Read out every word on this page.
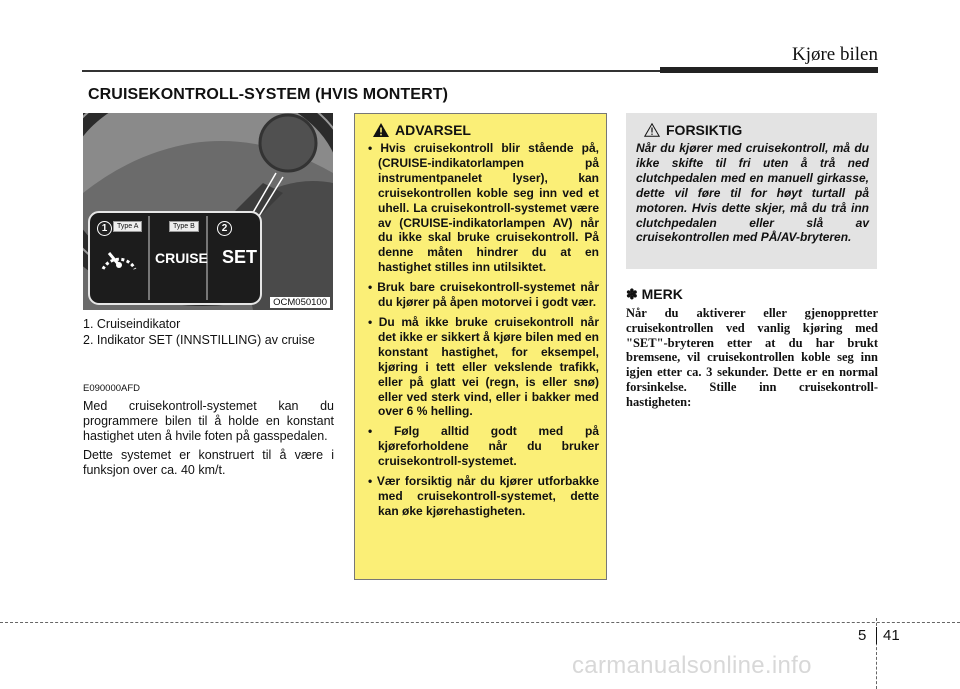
Kjøre bilen
CRUISEKONTROLL-SYSTEM (HVIS MONTERT)
1	Type A	Type B	2
CRUISE SET
OCM050100
1. Cruiseindikator
2. Indikator SET (INNSTILLING) av cruise
E090000AFD

Med cruisekontroll-systemet kan du programmere bilen til å holde en konstant hastighet uten å hvile foten på gasspedalen.

Dette systemet er konstruert til å være i funksjon over ca. 40 km/t.

ADVARSEL
• Hvis cruisekontroll blir stående på, (CRUISE-indikatorlampen på instrumentpanelet lyser), kan cruisekontrollen koble seg inn ved et uhell. La cruisekontroll-systemet være av (CRUISE-indikatorlampen AV) når du ikke skal bruke cruisekontroll. På denne måten hindrer du at en hastighet stilles inn utilsiktet.
• Bruk bare cruisekontroll-systemet når du kjører på åpen motorvei i godt vær.
• Du må ikke bruke cruisekontroll når det ikke er sikkert å kjøre bilen med en konstant hastighet, for eksempel, kjøring i tett eller vekslende trafikk, eller på glatt vei (regn, is eller snø) eller ved sterk vind, eller i bakker med over 6 % helling.
• Følg alltid godt med på kjøreforholdene når du bruker cruisekontroll-systemet.
• Vær forsiktig når du kjører utforbakke med cruisekontroll-systemet, dette kan øke kjørehastigheten.
FORSIKTIG

Når du kjører med cruisekontroll, må du ikke skifte til fri uten å trå ned clutchpedalen med en manuell girkasse, dette vil føre til for høyt turtall på motoren. Hvis dette skjer, må du trå inn clutchpedalen eller slå av cruisekontrollen med PÅ/AV-bryteren.

✽ MERK

Når du aktiverer eller gjenoppretter cruisekontrollen ved vanlig kjøring med "SET"-bryteren etter at du har brukt bremsene, vil cruisekontrollen koble seg inn igjen etter ca. 3 sekunder. Dette er en normal forsinkelse. Stille inn cruisekontroll-hastigheten:

5 41
carmanualsonline.info
